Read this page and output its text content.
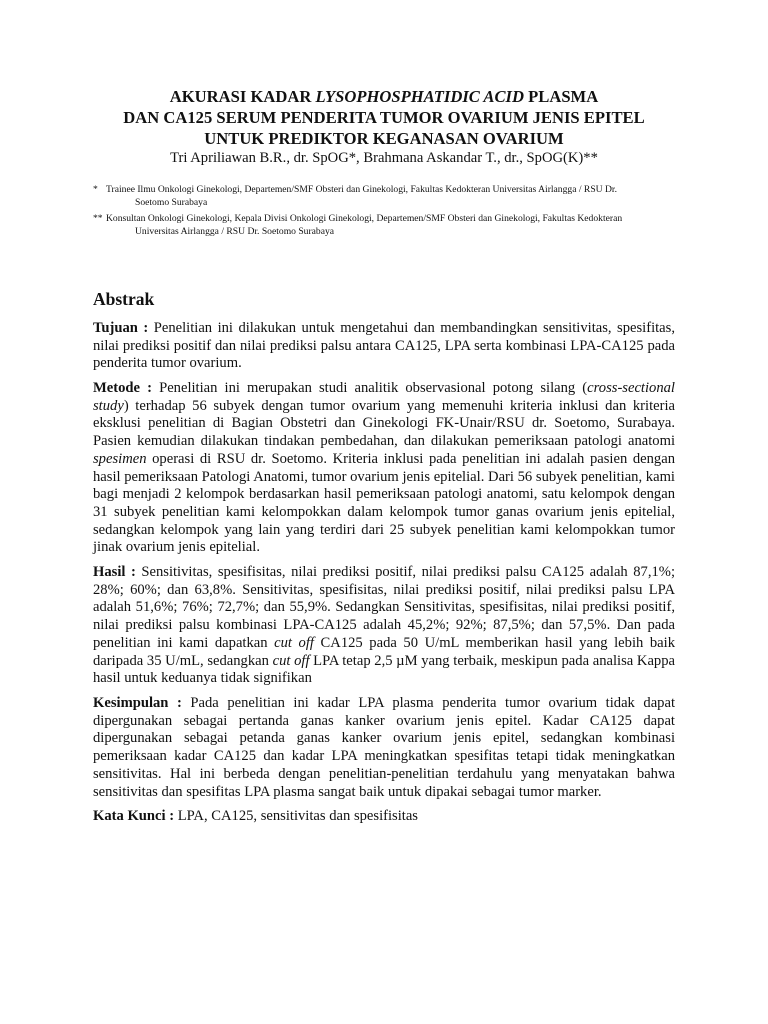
AKURASI KADAR LYSOPHOSPHATIDIC ACID PLASMA

DAN CA125 SERUM PENDERITA TUMOR OVARIUM JENIS EPITEL

UNTUK PREDIKTOR KEGANASAN OVARIUM

Tri Apriliawan B.R., dr. SpOG*, Brahmana Askandar T., dr., SpOG(K)**

* Trainee Ilmu Onkologi Ginekologi, Departemen/SMF Obsteri dan Ginekologi, Fakultas Kedokteran Universitas Airlangga / RSU Dr.
Soetomo Surabaya
** Konsultan Onkologi Ginekologi, Kepala Divisi Onkologi Ginekologi, Departemen/SMF Obsteri dan Ginekologi, Fakultas Kedokteran
Universitas Airlangga / RSU Dr. Soetomo Surabaya
Abstrak

Tujuan : Penelitian ini dilakukan untuk mengetahui dan membandingkan sensitivitas, spesifitas, nilai prediksi positif dan nilai prediksi palsu antara CA125, LPA serta kombinasi LPA-CA125 pada penderita tumor ovarium.

Metode : Penelitian ini merupakan studi analitik observasional potong silang (cross-sectional study) terhadap 56 subyek dengan tumor ovarium yang memenuhi kriteria inklusi dan kriteria eksklusi penelitian di Bagian Obstetri dan Ginekologi FK-Unair/RSU dr. Soetomo, Surabaya. Pasien kemudian dilakukan tindakan pembedahan, dan dilakukan pemeriksaan patologi anatomi spesimen operasi di RSU dr. Soetomo. Kriteria inklusi pada penelitian ini adalah pasien dengan hasil pemeriksaan Patologi Anatomi, tumor ovarium jenis epitelial. Dari 56 subyek penelitian, kami bagi menjadi 2 kelompok berdasarkan hasil pemeriksaan patologi anatomi, satu kelompok dengan 31 subyek penelitian kami kelompokkan dalam kelompok tumor ganas ovarium jenis epitelial, sedangkan kelompok yang lain yang terdiri dari 25 subyek penelitian kami kelompokkan tumor jinak ovarium jenis epitelial.

Hasil : Sensitivitas, spesifisitas, nilai prediksi positif, nilai prediksi palsu CA125 adalah 87,1%; 28%; 60%; dan 63,8%. Sensitivitas, spesifisitas, nilai prediksi positif, nilai prediksi palsu LPA adalah 51,6%; 76%; 72,7%; dan 55,9%. Sedangkan Sensitivitas, spesifisitas, nilai prediksi positif, nilai prediksi palsu kombinasi LPA-CA125 adalah 45,2%; 92%; 87,5%; dan 57,5%. Dan pada penelitian ini kami dapatkan cut off CA125 pada 50 U/mL memberikan hasil yang lebih baik daripada 35 U/mL, sedangkan cut off LPA tetap 2,5 µM yang terbaik, meskipun pada analisa Kappa hasil untuk keduanya tidak signifikan

Kesimpulan : Pada penelitian ini kadar LPA plasma penderita tumor ovarium tidak dapat dipergunakan sebagai pertanda ganas kanker ovarium jenis epitel. Kadar CA125 dapat dipergunakan sebagai petanda ganas kanker ovarium jenis epitel, sedangkan kombinasi pemeriksaan kadar CA125 dan kadar LPA meningkatkan spesifitas tetapi tidak meningkatkan sensitivitas. Hal ini berbeda dengan penelitian-penelitian terdahulu yang menyatakan bahwa sensitivitas dan spesifitas LPA plasma sangat baik untuk dipakai sebagai tumor marker.

Kata Kunci : LPA, CA125, sensitivitas dan spesifisitas
